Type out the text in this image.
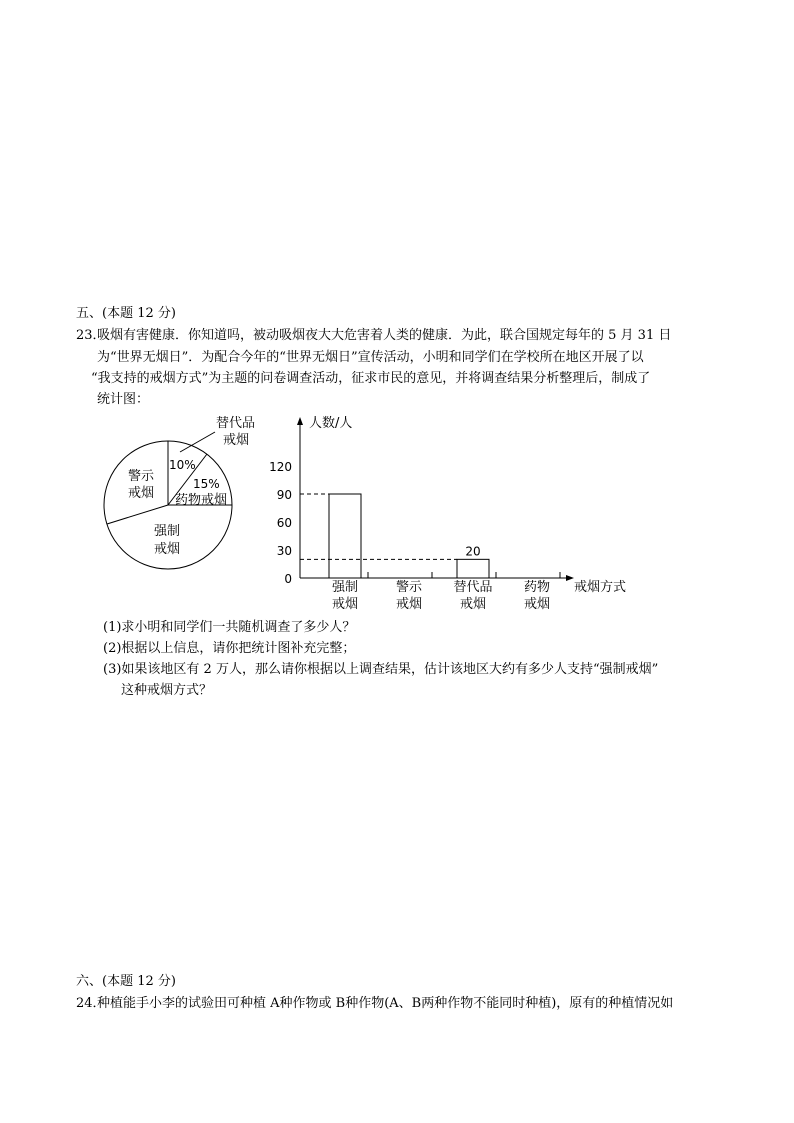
五、(本题 12 分)
23．
吸烟有害健康．你知道吗，被动吸烟夜大大危害着人类的健康．为此，联合国规定每年的 5 月 31 日
为“世界无烟日”．为配合今年的“世界无烟日”宣传活动，小明和同学们在学校所在地区开展了以
“我支持的戒烟方式”为主题的问卷调查活动，征求市民的意见，并将调查结果分析整理后，制成了
统计图：
替代品
戒烟
10%
15%
药物戒烟
警示
戒烟
强制
戒烟
人数/人
戒烟方式
0
30
60
90
120
20
强制
戒烟
警示
戒烟
替代品
戒烟
药物
戒烟
(1)求小明和同学们一共随机调查了多少人？
(2)根据以上信息，请你把统计图补充完整；
(3)如果该地区有 2 万人，那么请你根据以上调查结果，估计该地区大约有多少人支持“强制戒烟”
这种戒烟方式？
六、(本题 12 分)
24．
种植能手小李的试验田可种植 A种作物或 B种作物(A、B两种作物不能同时种植)，原有的种植情况如
